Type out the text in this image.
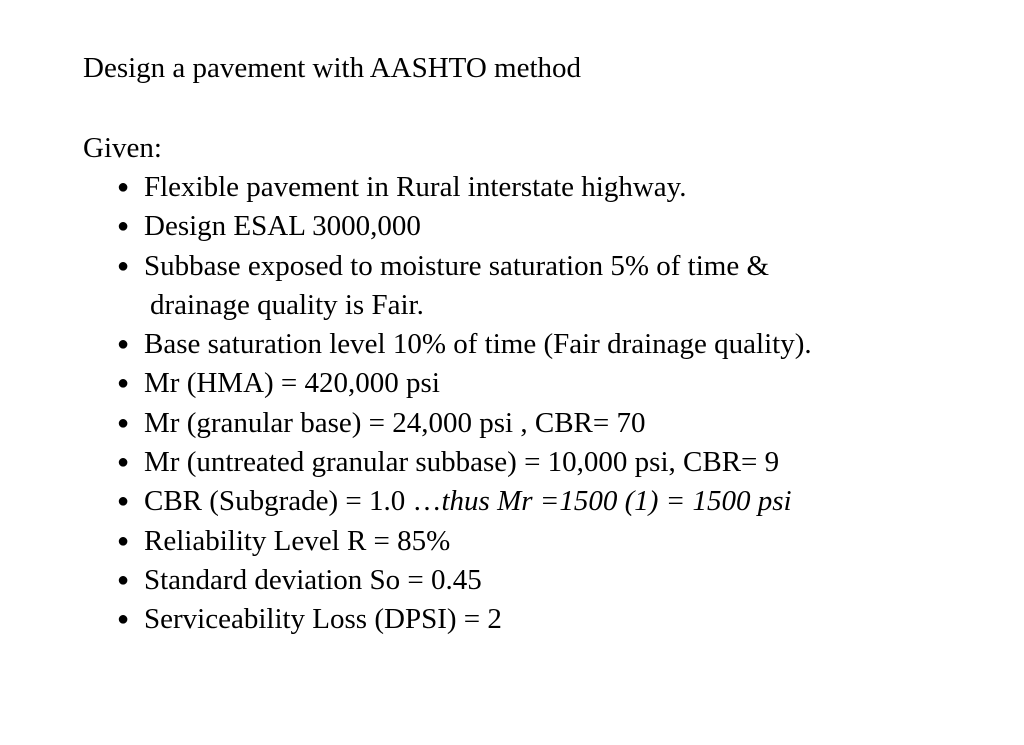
Design a pavement with AASHTO method
Given:
● Flexible pavement in Rural interstate highway.
● Design ESAL 3000,000
● Subbase exposed to moisture saturation 5% of time &
drainage quality is Fair.
● Base saturation level 10% of time (Fair drainage quality).
● Mr (HMA) = 420,000 psi
● Mr (granular base) = 24,000 psi , CBR= 70
● Mr (untreated granular subbase) = 10,000 psi, CBR= 9
● CBR (Subgrade) = 1.0 …thus Mr =1500 (1) = 1500 psi
● Reliability Level R = 85%
● Standard deviation So = 0.45
● Serviceability Loss (DPSI) = 2
